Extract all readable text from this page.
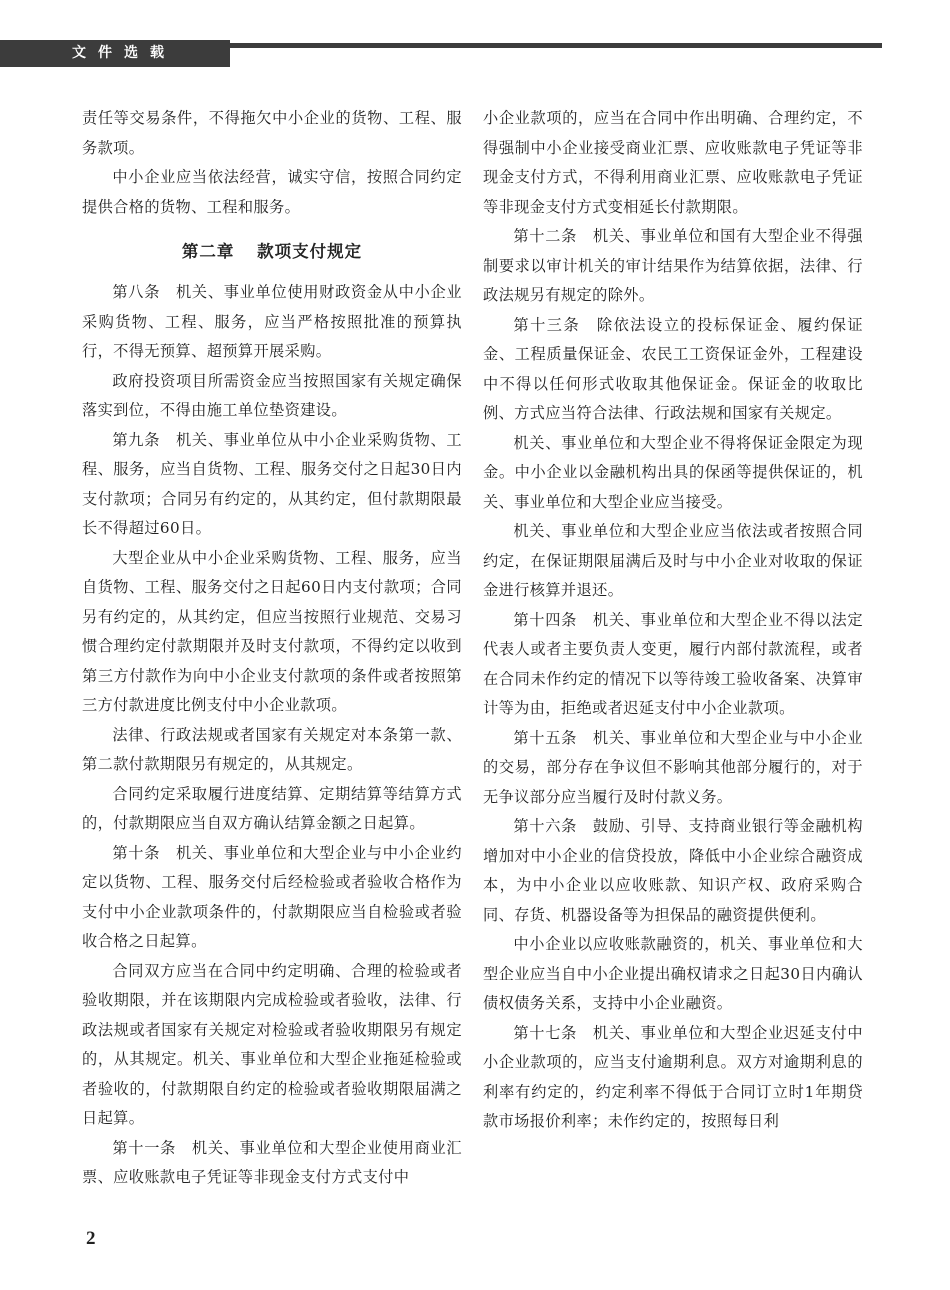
文件选载

责任等交易条件，不得拖欠中小企业的货物、工程、服务款项。

中小企业应当依法经营，诚实守信，按照合同约定提供合格的货物、工程和服务。

第二章 款项支付规定

第八条　机关、事业单位使用财政资金从中小企业采购货物、工程、服务，应当严格按照批准的预算执行，不得无预算、超预算开展采购。

政府投资项目所需资金应当按照国家有关规定确保落实到位，不得由施工单位垫资建设。

第九条　机关、事业单位从中小企业采购货物、工程、服务，应当自货物、工程、服务交付之日起30日内支付款项；合同另有约定的，从其约定，但付款期限最长不得超过60日。

大型企业从中小企业采购货物、工程、服务，应当自货物、工程、服务交付之日起60日内支付款项；合同另有约定的，从其约定，但应当按照行业规范、交易习惯合理约定付款期限并及时支付款项，不得约定以收到第三方付款作为向中小企业支付款项的条件或者按照第三方付款进度比例支付中小企业款项。

法律、行政法规或者国家有关规定对本条第一款、第二款付款期限另有规定的，从其规定。

合同约定采取履行进度结算、定期结算等结算方式的，付款期限应当自双方确认结算金额之日起算。

第十条　机关、事业单位和大型企业与中小企业约定以货物、工程、服务交付后经检验或者验收合格作为支付中小企业款项条件的，付款期限应当自检验或者验收合格之日起算。

合同双方应当在合同中约定明确、合理的检验或者验收期限，并在该期限内完成检验或者验收，法律、行政法规或者国家有关规定对检验或者验收期限另有规定的，从其规定。机关、事业单位和大型企业拖延检验或者验收的，付款期限自约定的检验或者验收期限届满之日起算。

第十一条　机关、事业单位和大型企业使用商业汇票、应收账款电子凭证等非现金支付方式支付中

小企业款项的，应当在合同中作出明确、合理约定，不得强制中小企业接受商业汇票、应收账款电子凭证等非现金支付方式，不得利用商业汇票、应收账款电子凭证等非现金支付方式变相延长付款期限。

第十二条　机关、事业单位和国有大型企业不得强制要求以审计机关的审计结果作为结算依据，法律、行政法规另有规定的除外。

第十三条　除依法设立的投标保证金、履约保证金、工程质量保证金、农民工工资保证金外，工程建设中不得以任何形式收取其他保证金。保证金的收取比例、方式应当符合法律、行政法规和国家有关规定。

机关、事业单位和大型企业不得将保证金限定为现金。中小企业以金融机构出具的保函等提供保证的，机关、事业单位和大型企业应当接受。

机关、事业单位和大型企业应当依法或者按照合同约定，在保证期限届满后及时与中小企业对收取的保证金进行核算并退还。

第十四条　机关、事业单位和大型企业不得以法定代表人或者主要负责人变更，履行内部付款流程，或者在合同未作约定的情况下以等待竣工验收备案、决算审计等为由，拒绝或者迟延支付中小企业款项。

第十五条　机关、事业单位和大型企业与中小企业的交易，部分存在争议但不影响其他部分履行的，对于无争议部分应当履行及时付款义务。

第十六条　鼓励、引导、支持商业银行等金融机构增加对中小企业的信贷投放，降低中小企业综合融资成本，为中小企业以应收账款、知识产权、政府采购合同、存货、机器设备等为担保品的融资提供便利。

中小企业以应收账款融资的，机关、事业单位和大型企业应当自中小企业提出确权请求之日起30日内确认债权债务关系，支持中小企业融资。

第十七条　机关、事业单位和大型企业迟延支付中小企业款项的，应当支付逾期利息。双方对逾期利息的利率有约定的，约定利率不得低于合同订立时1年期贷款市场报价利率；未作约定的，按照每日利

2
